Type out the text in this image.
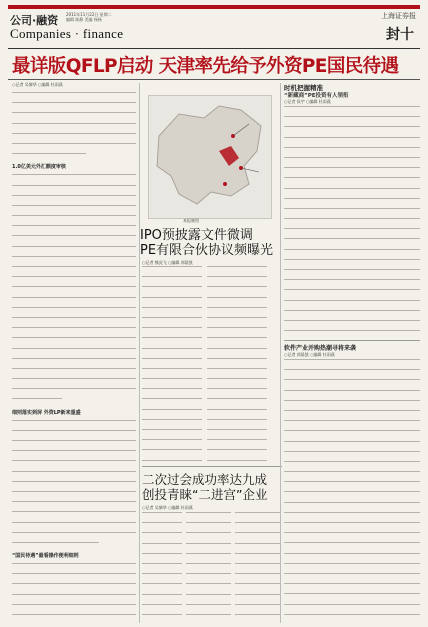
公司·融资 2011年11月22日 星期二
编辑 陈静 美编 杨杨	上海证券报
Companies · finance	封十
最详版QFLP启动 天津率先给予外资PE国民待遇
○记者 吴黎华 ○编辑 杜雨燕
1.0亿美元外汇额度审核
细则落实到屏 外资LP新来重盛
“国民待遇”最看操作便利细则
本报制图
IPO预披露文件微调
PE有限合伙协议频曝光
○记者 熊虎飞 ○编辑 郭晨凯
二次过会成功率达九成
创投青睐“二进宫”企业
○记者 吴黎华 ○编辑 杜雨燕
时机把握精准
“新藏商”PE投资有人领衔
○记者 侯宇 ○编辑 杜雨燕
软件产业并购热潮寻将来袭
○记者 郭晨凯 ○编辑 杜雨燕
